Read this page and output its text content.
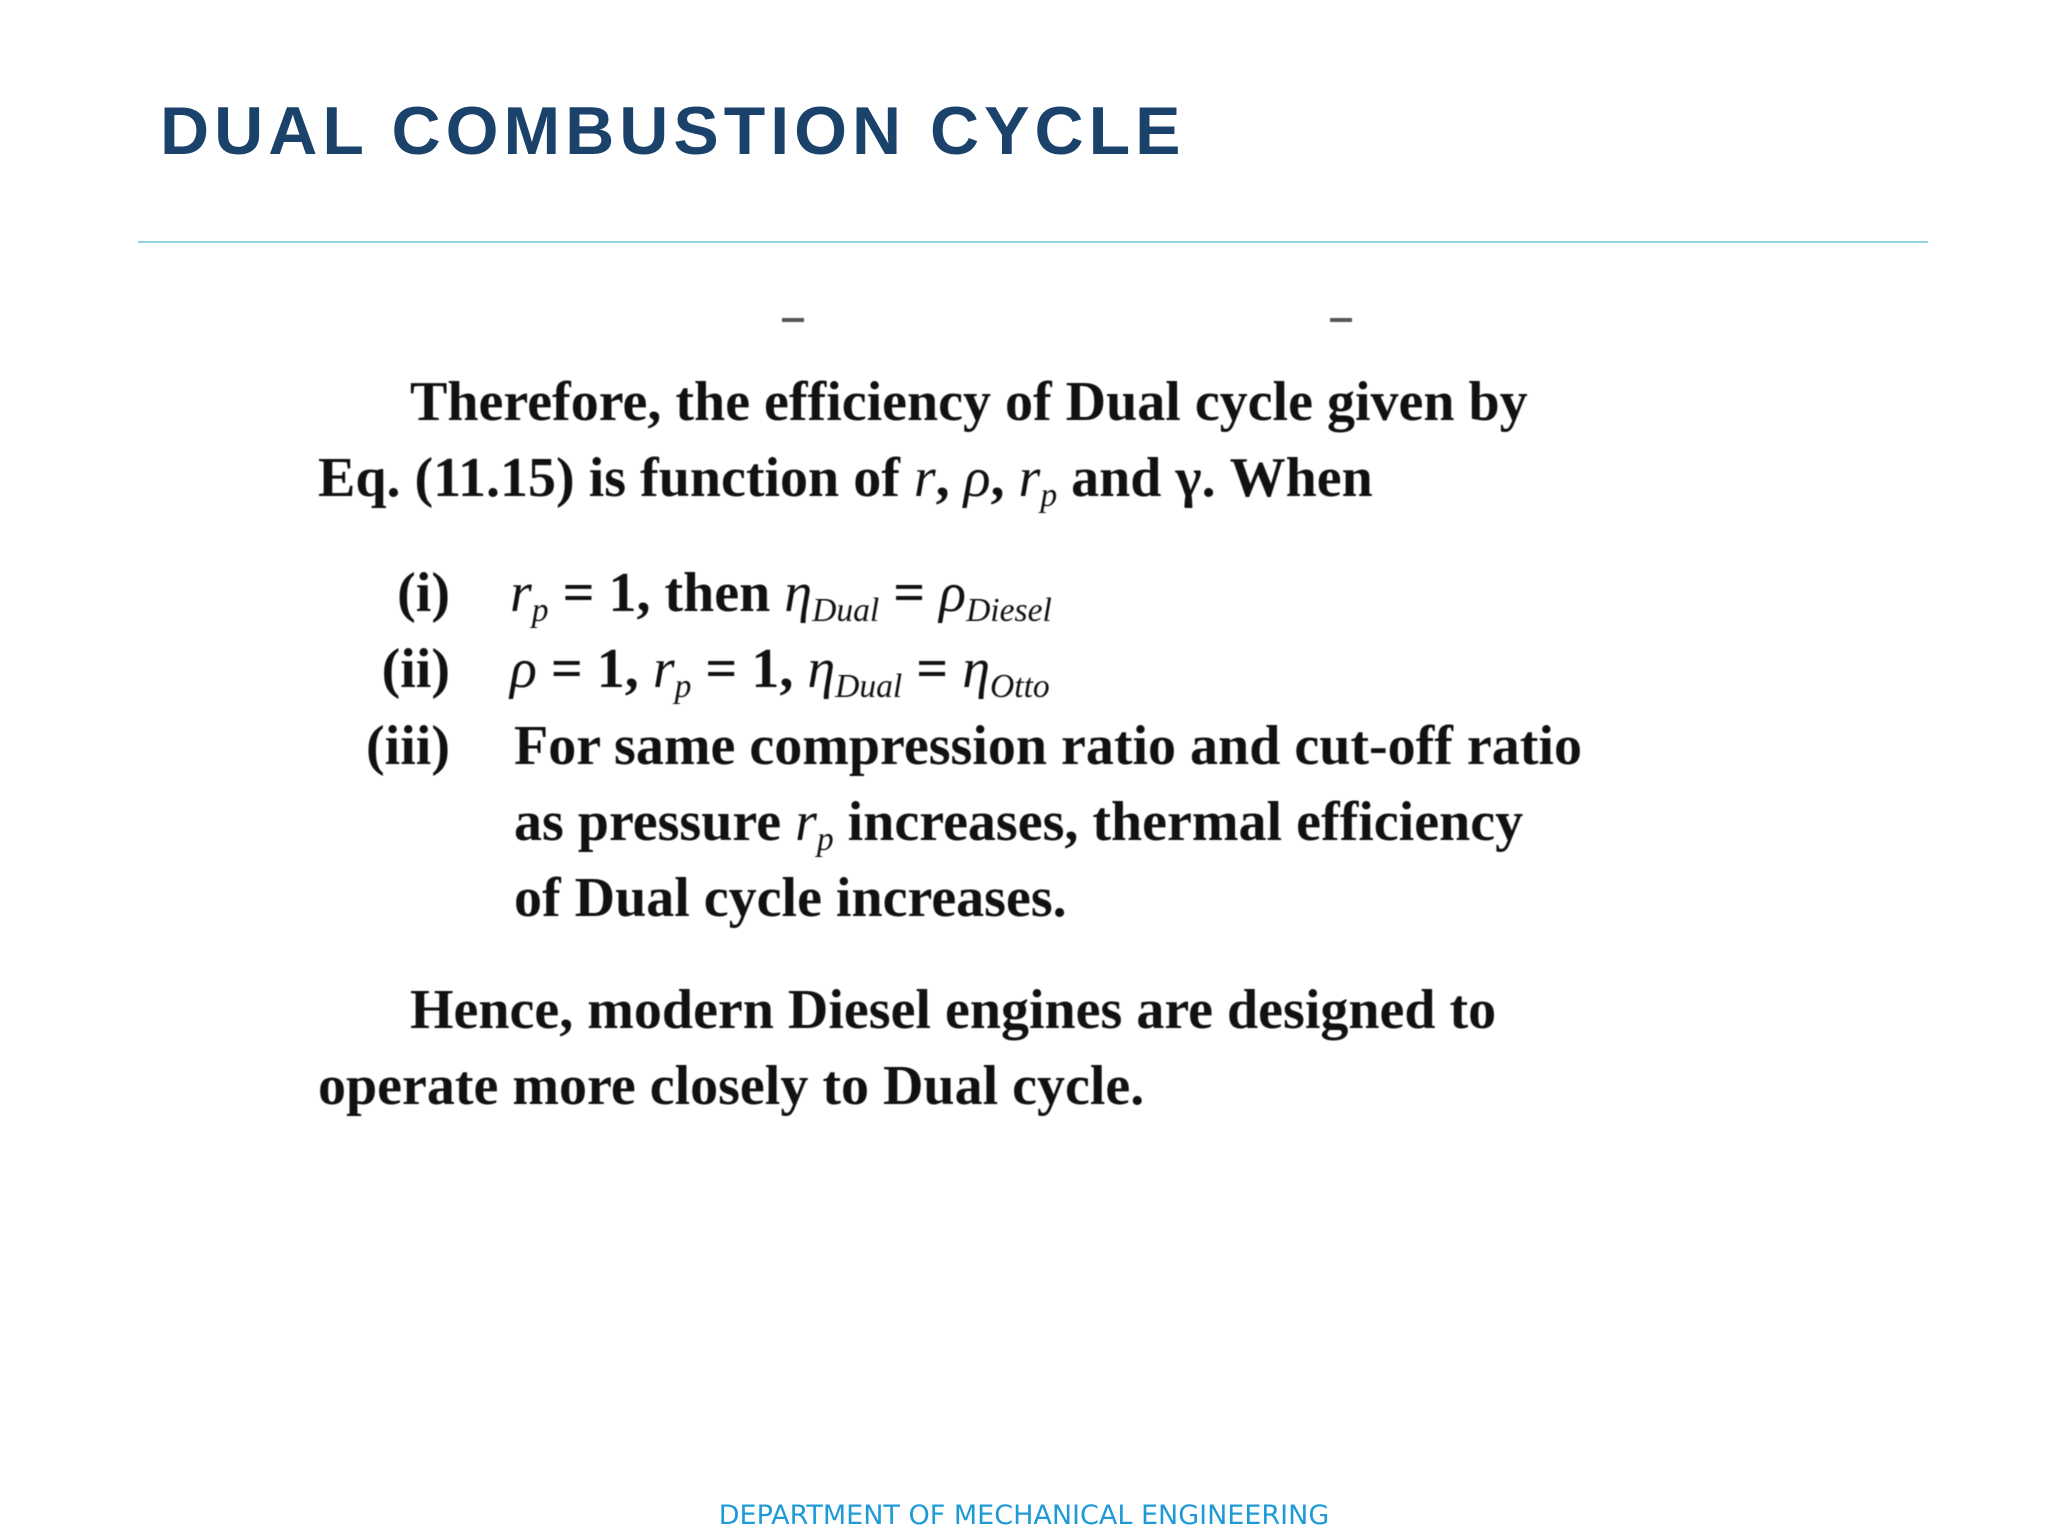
DUAL COMBUSTION CYCLE
Therefore, the efficiency of Dual cycle given by
Eq. (11.15) is function of r, ρ, $r_p$ and γ. When
(i) $r_p = 1$, then $\eta_{Dual} = \rho_{Diesel}$
(ii) ρ = 1, $r_p = 1$, $\eta_{Dual} = \eta_{Otto}$
(iii) For same compression ratio and cut-off ratio
as pressure $r_p$ increases, thermal efficiency
of Dual cycle increases.
Hence, modern Diesel engines are designed to
operate more closely to Dual cycle.
DEPARTMENT OF MECHANICAL ENGINEERING
